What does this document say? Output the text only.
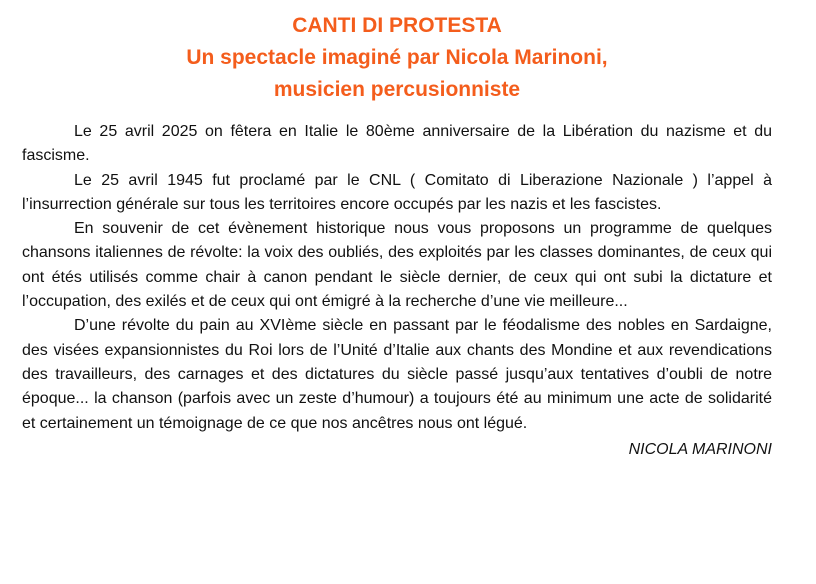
CANTI DI PROTESTA
Un spectacle imaginé par Nicola Marinoni,
musicien percusionniste

Le 25 avril 2025 on fêtera en Italie le 80ème anniversaire de la Libération du nazisme et du fascisme.

Le 25 avril 1945 fut proclamé par le CNL ( Comitato di Liberazione Nazionale ) l’appel à l’insurrection générale sur tous les territoires encore occupés par les nazis et les fascistes.

En souvenir de cet évènement historique nous vous proposons un programme de quelques chansons italiennes de révolte: la voix des oubliés, des exploités par les classes dominantes, de ceux qui ont étés utilisés comme chair à canon pendant le siècle dernier, de ceux qui ont subi la dictature et l’occupation, des exilés et de ceux qui ont émigré à la recherche d’une vie meilleure...

D’une révolte du pain au XVIème siècle en passant par le féodalisme des nobles en Sardaigne, des visées expansionnistes du Roi lors de l’Unité d’Italie aux chants des Mondine et aux revendications des travailleurs, des carnages et des dictatures du siècle passé jusqu’aux tentatives d’oubli de notre époque... la chanson (parfois avec un zeste d’humour) a toujours été au minimum une acte de solidarité et certainement un témoignage de ce que nos ancêtres nous ont légué.

NICOLA MARINONI
